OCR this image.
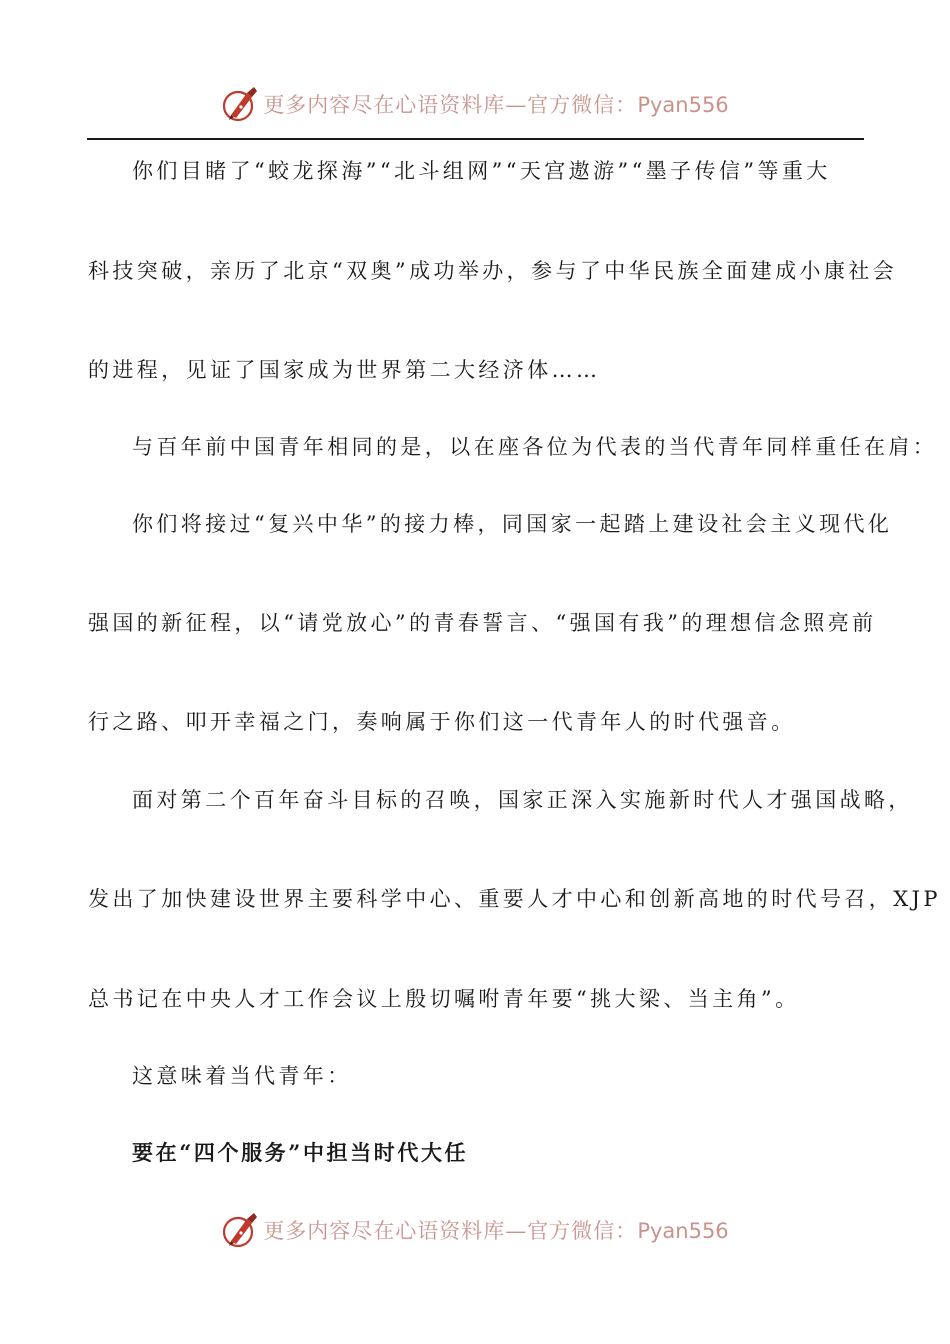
更多内容尽在心语资料库—官方微信：Pyan556
你们目睹了“蛟龙探海”“北斗组网”“天宫遨游”“墨子传信”等重大
科技突破，亲历了北京“双奥”成功举办，参与了中华民族全面建成小康社会
的进程，见证了国家成为世界第二大经济体……
与百年前中国青年相同的是，以在座各位为代表的当代青年同样重任在肩：
你们将接过“复兴中华”的接力棒，同国家一起踏上建设社会主义现代化
强国的新征程，以“请党放心”的青春誓言、“强国有我”的理想信念照亮前
行之路、叩开幸福之门，奏响属于你们这一代青年人的时代强音。
面对第二个百年奋斗目标的召唤，国家正深入实施新时代人才强国战略，
发出了加快建设世界主要科学中心、重要人才中心和创新高地的时代号召，XJP
总书记在中央人才工作会议上殷切嘱咐青年要“挑大梁、当主角”。
这意味着当代青年：
要在“四个服务”中担当时代大任
更多内容尽在心语资料库—官方微信：Pyan556
